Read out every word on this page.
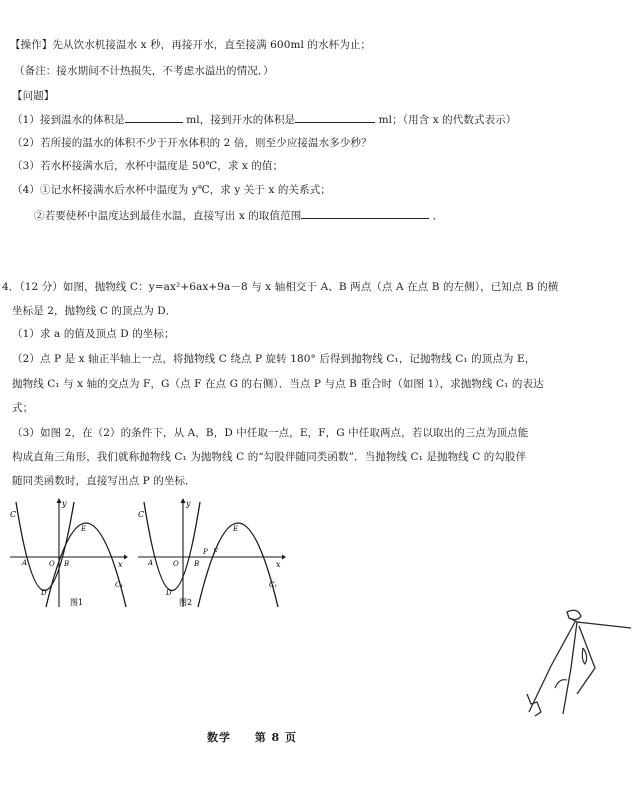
【操作】先从饮水机接温水 x 秒，再接开水，直至接满 600ml 的水杯为止；
（备注：接水期间不计热损失，不考虑水溢出的情况．）
【问题】
（1）接到温水的体积是	ml，接到开水的体积是	ml；（用含 x 的代数式表示）
（2）若所接的温水的体积不少于开水体积的 2 倍，则至少应接温水多少秒？
（3）若水杯接满水后，水杯中温度是 50℃，求 x 的值；
（4）①记水杯接满水后水杯中温度为 y℃，求 y 关于 x 的关系式；
②若要使杯中温度达到最佳水温，直接写出 x 的取值范围	．
4．（12 分）如图，抛物线 C：y=ax²+6ax+9a－8 与 x 轴相交于 A、B 两点（点 A 在点 B 的左侧），已知点 B 的横
坐标是 2，抛物线 C 的顶点为 D．
（1）求 a 的值及顶点 D 的坐标；
（2）点 P 是 x 轴正半轴上一点，将抛物线 C 绕点 P 旋转 180° 后得到抛物线 C₁，记抛物线 C₁ 的顶点为 E，
抛物线 C₁ 与 x 轴的交点为 F，G（点 F 在点 G 的右侧）．当点 P 与点 B 重合时（如图 1），求抛物线 C₁ 的表达
式；
（3）如图 2，在（2）的条件下，从 A，B，D 中任取一点，E，F，G 中任取两点，若以取出的三点为顶点能
构成直角三角形，我们就称抛物线 C₁ 为抛物线 C 的“勾股伴随同类函数”．当抛物线 C₁ 是抛物线 C 的勾股伴
随同类函数时，直接写出点 P 的坐标．
C
y
x
A	O B
D
E
C₁
图1
C
y
x
A	O B
P F
D
E
C₁
图2
数学 第 8 页
